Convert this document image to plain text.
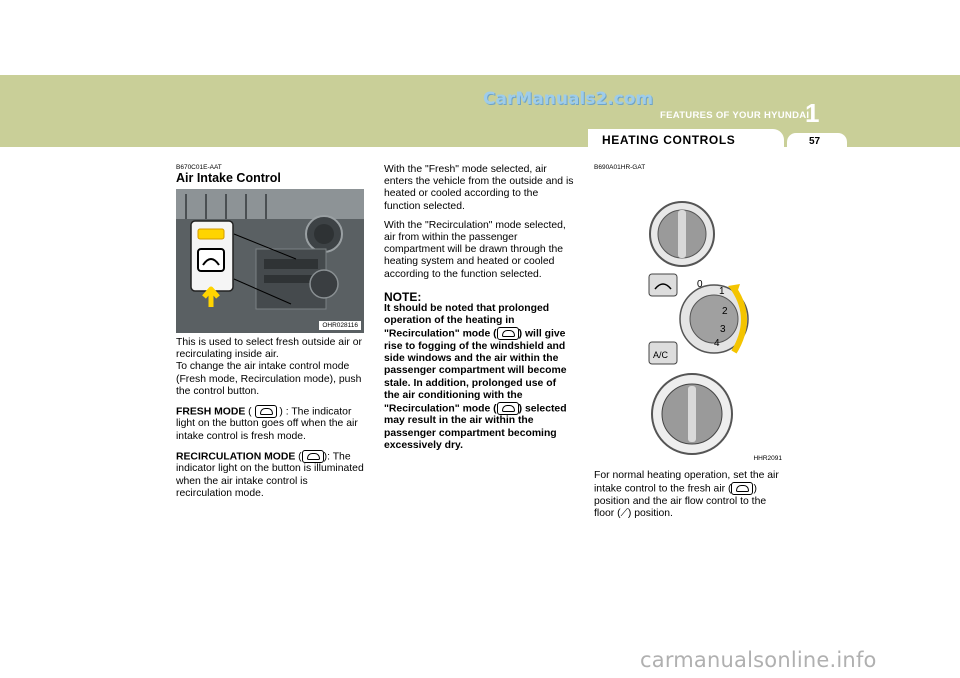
CarManuals2.com
FEATURES OF YOUR HYUNDAI
1
HEATING CONTROLS	57
B670C01E-AAT
Air Intake Control
OHR028116
This is used to select fresh outside air or recirculating inside air.

To change the air intake control mode (Fresh mode, Recirculation mode), push the control button.

FRESH MODE (  ) : The indicator light on the button goes off when the air intake control is fresh mode.

RECIRCULATION MODE ( ): The indicator light on the button is illuminated when the air intake control is recirculation mode.

With the "Fresh" mode selected, air enters the vehicle from the outside and is heated or cooled according to the function selected.

With the "Recirculation" mode selected, air from within the passenger compartment will be drawn through the heating system and heated or cooled according to the function selected.

NOTE:
It should be noted that prolonged operation of the heating in "Recirculation" mode ( ) will give rise to fogging of the windshield and side windows and the air within the passenger compartment will become stale. In addition, prolonged use of the air conditioning with the "Recirculation" mode ( ) selected may result in the air within the passenger compartment becoming excessively dry.
B690A01HR-GAT
A/C
0
1
2
3
4
HHR2091
For normal heating operation, set the air intake control to the fresh air ( ) position and the air flow control to the floor (⟋) position.
carmanualsonline.info
